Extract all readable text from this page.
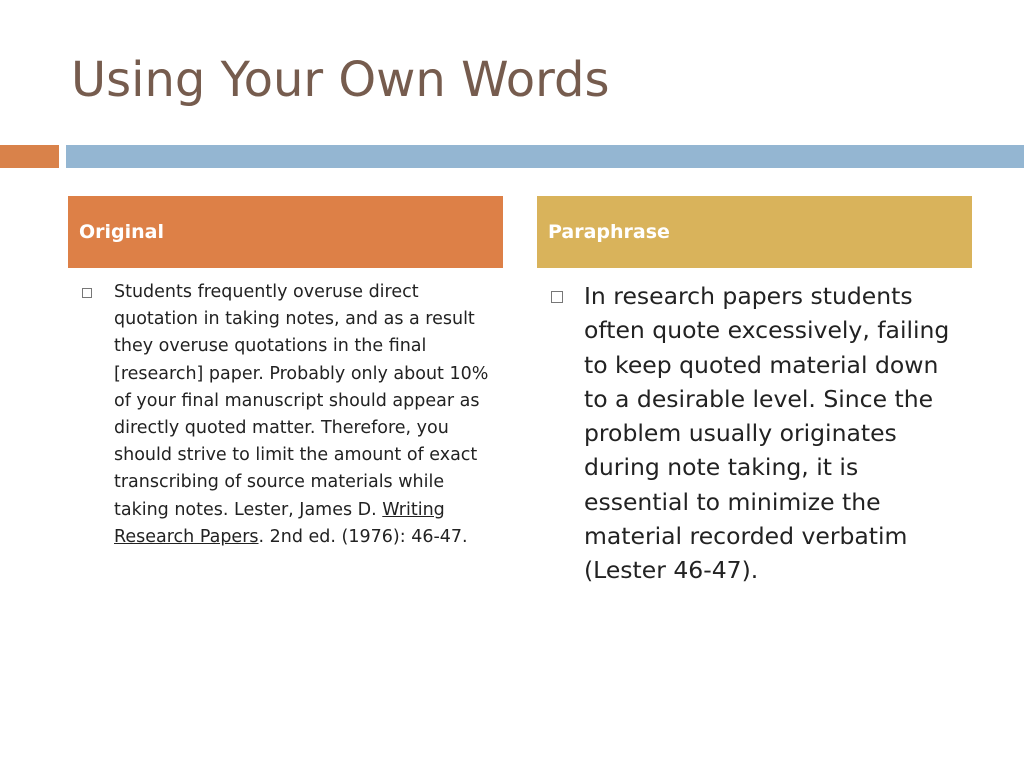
Using Your Own Words
Original	Paraphrase
Students frequently overuse direct quotation in taking notes, and as a result they overuse quotations in the final [research] paper. Probably only about 10% of your final manuscript should appear as directly quoted matter. Therefore, you should strive to limit the amount of exact transcribing of source materials while taking notes. Lester, James D. Writing Research Papers. 2nd ed. (1976): 46-47.
In research papers students often quote excessively, failing to keep quoted material down to a desirable level. Since the problem usually originates during note taking, it is essential to minimize the material recorded verbatim (Lester 46-47).
